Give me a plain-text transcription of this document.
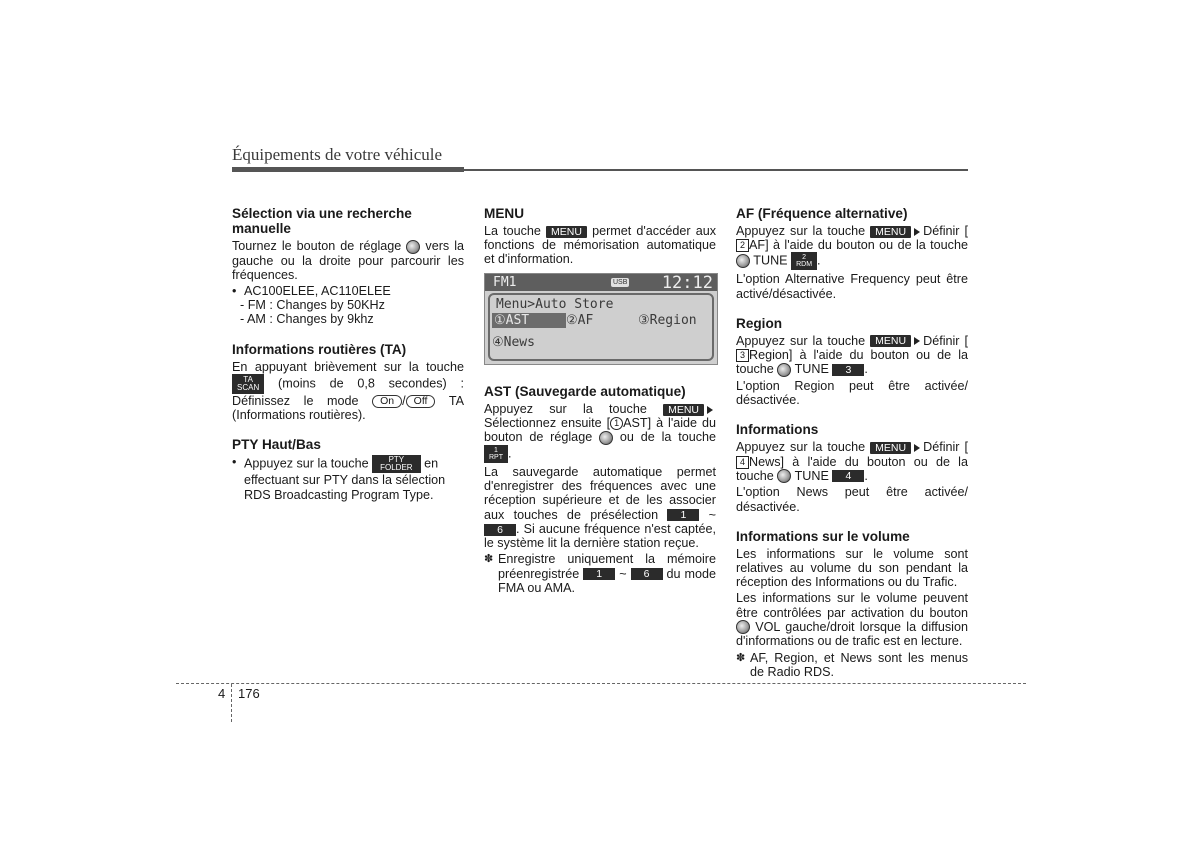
Équipements de votre véhicule
Sélection via une recherche manuelle

Tournez le bouton de réglage vers la gauche ou la droite pour parcourir les fréquences.

• AC100ELEE, AC110ELEE
- FM : Changes by 50KHz
- AM : Changes by 9khz
Informations routières (TA)

En appuyant brièvement sur la touche TA
SCAN (moins de 0,8 secondes) : Définissez le mode On / Off TA (Informations routières).

PTY Haut/Bas
• Appuyez sur la touche PTY
FOLDER en effectuant sur PTY dans la sélection RDS Broadcasting Program Type.
MENU

La touche MENU permet d'accéder aux fonctions de mémorisation automatique et d'information.

FM1	USB 12:12
Menu>Auto Store
①AST	②AF	③Region
④News
AST (Sauvegarde automatique)

Appuyez sur la touche MENU Sélectionnez ensuite [ 1 AST] à l'aide du bouton de réglage ou de la touche 1
RPT .

La sauvegarde automatique permet d'enregistrer des fréquences avec une réception supérieure et de les associer aux touches de présélection 1 ~ 6 . Si aucune fréquence n'est captée, le système lit la dernière station reçue.

✽ Enregistre uniquement la mémoire préenregistrée 1 ~ 6 du mode FMA ou AMA.

AF (Fréquence alternative)

Appuyez sur la touche MENU Définir [2 AF] à l'aide du bouton ou de la touche  TUNE 2
RDM .

L'option Alternative Frequency peut être activé/désactivée.

Region

Appuyez sur la touche MENU Définir [3 Region] à l'aide du bouton ou de la touche TUNE 3 .

L'option Region peut être activée/ désactivée.

Informations

Appuyez sur la touche MENU Définir [4 News] à l'aide du bouton ou de la touche TUNE 4 .

L'option News peut être activée/ désactivée.

Informations sur le volume

Les informations sur le volume sont relatives au volume du son pendant la réception des Informations ou du Trafic.

Les informations sur le volume peuvent être contrôlées par activation du bouton  VOL gauche/droit lorsque la diffusion d'informations ou de trafic est en lecture.

✽ AF, Region, et News sont les menus de Radio RDS.

4 176
